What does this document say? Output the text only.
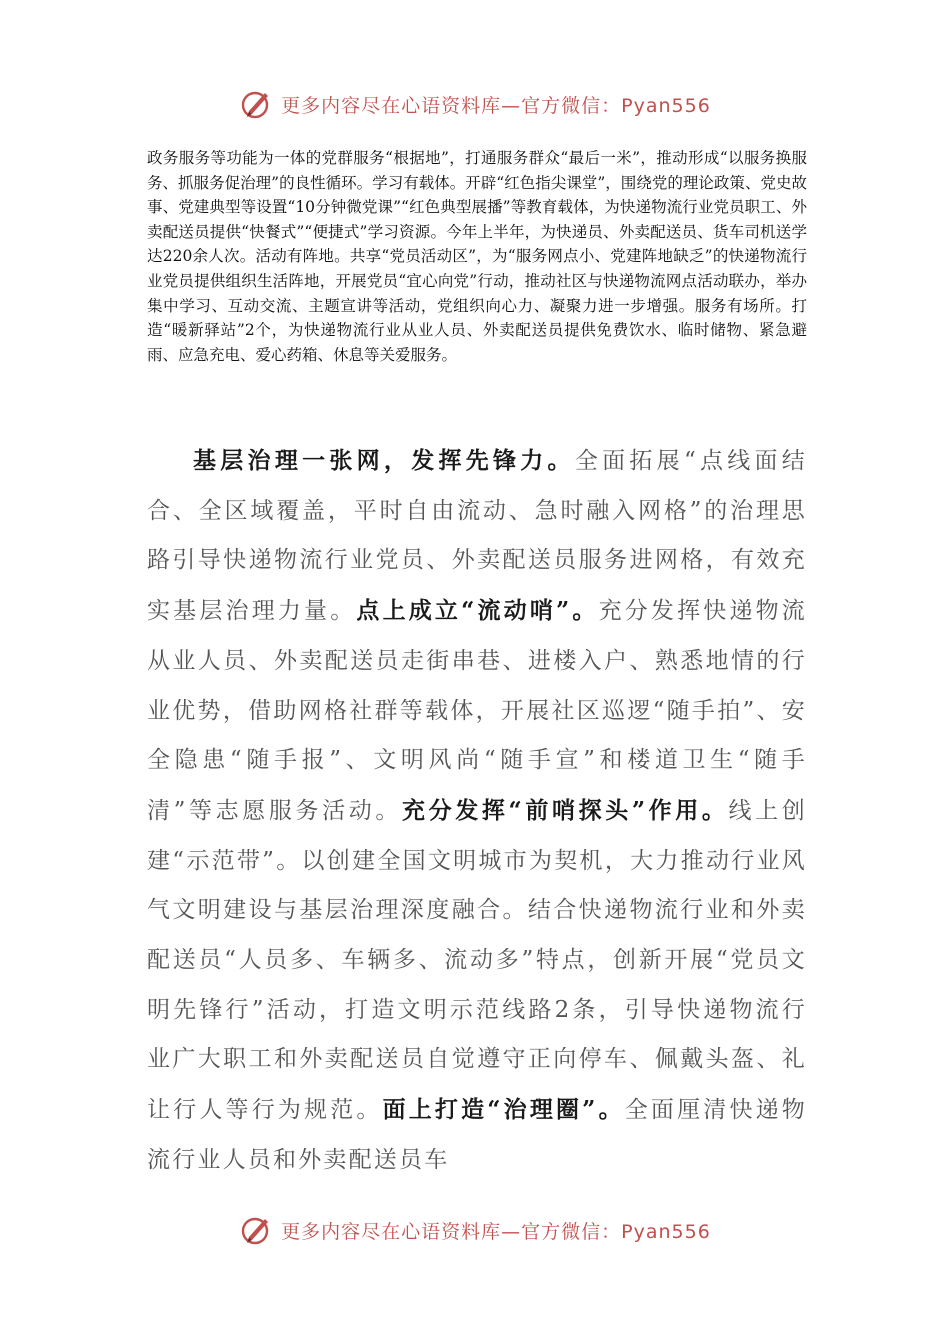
更多内容尽在心语资料库—官方微信：Pyan556

政务服务等功能为一体的党群服务“根据地”，打通服务群众“最后一米”，推动形成“以服务换服务、抓服务促治理”的良性循环。学习有载体。开辟“红色指尖课堂”，围绕党的理论政策、党史故事、党建典型等设置“10分钟微党课”“红色典型展播”等教育载体，为快递物流行业党员职工、外卖配送员提供“快餐式”“便捷式”学习资源。今年上半年，为快递员、外卖配送员、货车司机送学达220余人次。活动有阵地。共享“党员活动区”，为“服务网点小、党建阵地缺乏”的快递物流行业党员提供组织生活阵地，开展党员“宜心向党”行动，推动社区与快递物流网点活动联办，举办集中学习、互动交流、主题宣讲等活动，党组织向心力、凝聚力进一步增强。服务有场所。打造“暖新驿站”2个，为快递物流行业从业人员、外卖配送员提供免费饮水、临时储物、紧急避雨、应急充电、爱心药箱、休息等关爱服务。

基层治理一张网，发挥先锋力。全面拓展“点线面结合、全区域覆盖，平时自由流动、急时融入网格”的治理思路引导快递物流行业党员、外卖配送员服务进网格，有效充实基层治理力量。点上成立“流动哨”。充分发挥快递物流从业人员、外卖配送员走街串巷、进楼入户、熟悉地情的行业优势，借助网格社群等载体，开展社区巡逻“随手拍”、安全隐患“随手报”、文明风尚“随手宣”和楼道卫生“随手清”等志愿服务活动。充分发挥“前哨探头”作用。线上创建“示范带”。以创建全国文明城市为契机，大力推动行业风气文明建设与基层治理深度融合。结合快递物流行业和外卖配送员“人员多、车辆多、流动多”特点，创新开展“党员文明先锋行”活动，打造文明示范线路2条，引导快递物流行业广大职工和外卖配送员自觉遵守正向停车、佩戴头盔、礼让行人等行为规范。面上打造“治理圈”。全面厘清快递物流行业人员和外卖配送员车

更多内容尽在心语资料库—官方微信：Pyan556
